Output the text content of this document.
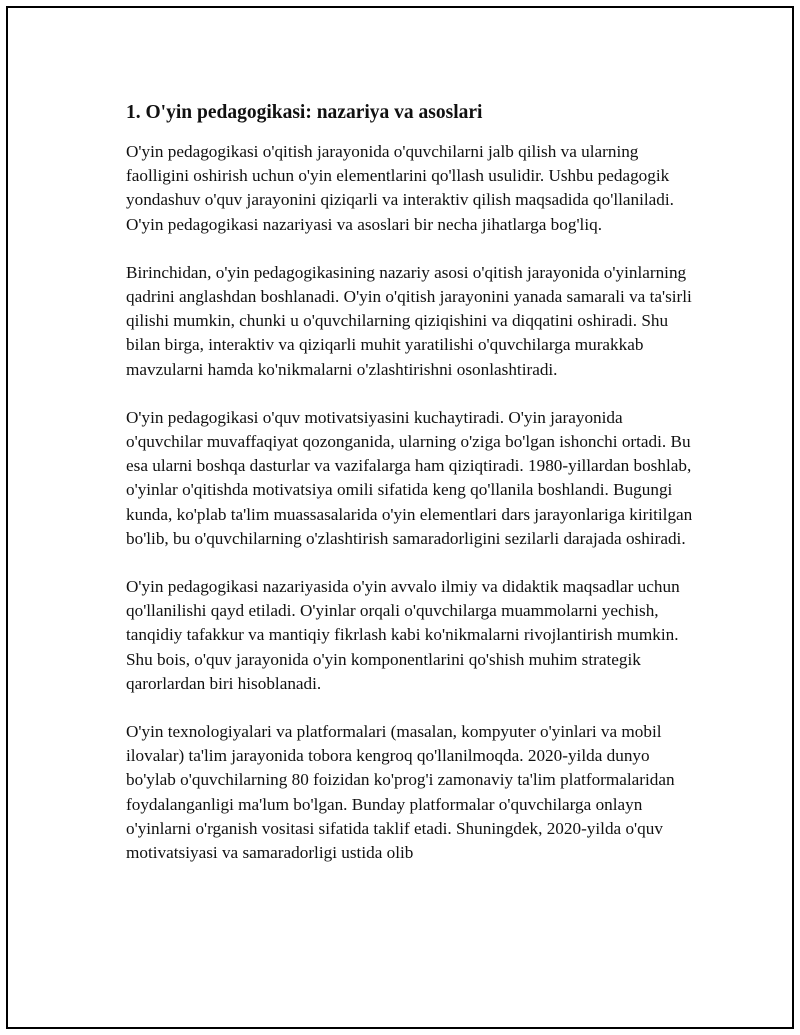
1. O'yin pedagogikasi: nazariya va asoslari

O'yin pedagogikasi o'qitish jarayonida o'quvchilarni jalb qilish va ularning faolligini oshirish uchun o'yin elementlarini qo'llash usulidir. Ushbu pedagogik yondashuv o'quv jarayonini qiziqarli va interaktiv qilish maqsadida qo'llaniladi. O'yin pedagogikasi nazariyasi va asoslari bir necha jihatlarga bog'liq.

Birinchidan, o'yin pedagogikasining nazariy asosi o'qitish jarayonida o'yinlarning qadrini anglashdan boshlanadi. O'yin o'qitish jarayonini yanada samarali va ta'sirli qilishi mumkin, chunki u o'quvchilarning qiziqishini va diqqatini oshiradi. Shu bilan birga, interaktiv va qiziqarli muhit yaratilishi o'quvchilarga murakkab mavzularni hamda ko'nikmalarni o'zlashtirishni osonlashtiradi.

O'yin pedagogikasi o'quv motivatsiyasini kuchaytiradi. O'yin jarayonida o'quvchilar muvaffaqiyat qozonganida, ularning o'ziga bo'lgan ishonchi ortadi. Bu esa ularni boshqa dasturlar va vazifalarga ham qiziqtiradi. 1980-yillardan boshlab, o'yinlar o'qitishda motivatsiya omili sifatida keng qo'llanila boshlandi. Bugungi kunda, ko'plab ta'lim muassasalarida o'yin elementlari dars jarayonlariga kiritilgan bo'lib, bu o'quvchilarning o'zlashtirish samaradorligini sezilarli darajada oshiradi.

O'yin pedagogikasi nazariyasida o'yin avvalo ilmiy va didaktik maqsadlar uchun qo'llanilishi qayd etiladi. O'yinlar orqali o'quvchilarga muammolarni yechish, tanqidiy tafakkur va mantiqiy fikrlash kabi ko'nikmalarni rivojlantirish mumkin. Shu bois, o'quv jarayonida o'yin komponentlarini qo'shish muhim strategik qarorlardan biri hisoblanadi.

O'yin texnologiyalari va platformalari (masalan, kompyuter o'yinlari va mobil ilovalar) ta'lim jarayonida tobora kengroq qo'llanilmoqda. 2020-yilda dunyo bo'ylab o'quvchilarning 80 foizidan ko'prog'i zamonaviy ta'lim platformalaridan foydalanganligi ma'lum bo'lgan. Bunday platformalar o'quvchilarga onlayn o'yinlarni o'rganish vositasi sifatida taklif etadi. Shuningdek, 2020-yilda o'quv motivatsiyasi va samaradorligi ustida olib
